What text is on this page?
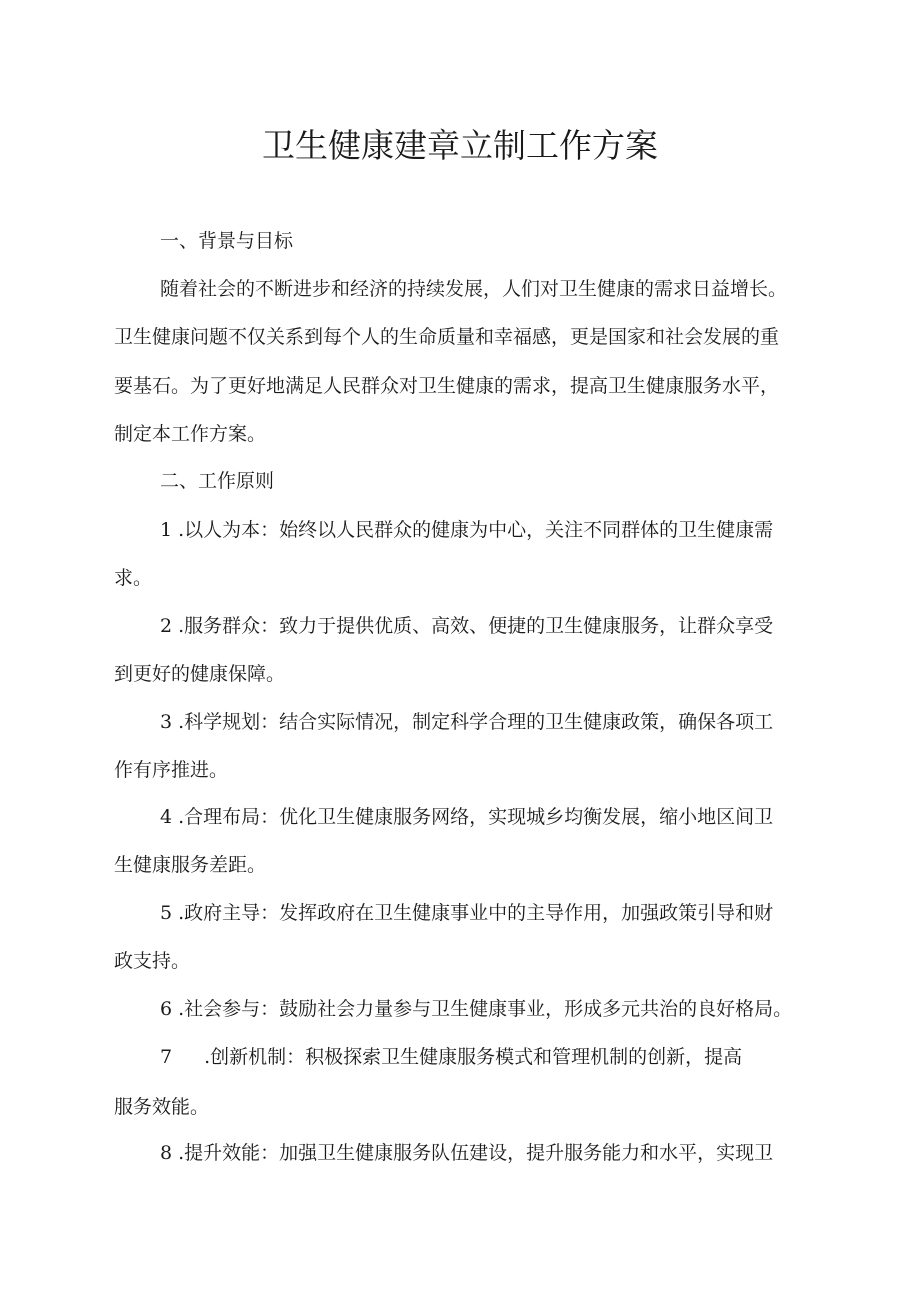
卫生健康建章立制工作方案

一、背景与目标

随着社会的不断进步和经济的持续发展，人们对卫生健康的需求日益增长。

卫生健康问题不仅关系到每个人的生命质量和幸福感，更是国家和社会发展的重

要基石。为了更好地满足人民群众对卫生健康的需求，提高卫生健康服务水平，

制定本工作方案。

二、工作原则

1 .以人为本：始终以人民群众的健康为中心，关注不同群体的卫生健康需

求。

2 .服务群众：致力于提供优质、高效、便捷的卫生健康服务，让群众享受

到更好的健康保障。

3 .科学规划：结合实际情况，制定科学合理的卫生健康政策，确保各项工

作有序推进。

4 .合理布局：优化卫生健康服务网络，实现城乡均衡发展，缩小地区间卫

生健康服务差距。

5 .政府主导：发挥政府在卫生健康事业中的主导作用，加强政策引导和财

政支持。

6 .社会参与：鼓励社会力量参与卫生健康事业，形成多元共治的良好格局。

7 .创新机制：积极探索卫生健康服务模式和管理机制的创新，提高

服务效能。

8 .提升效能：加强卫生健康服务队伍建设，提升服务能力和水平，实现卫
